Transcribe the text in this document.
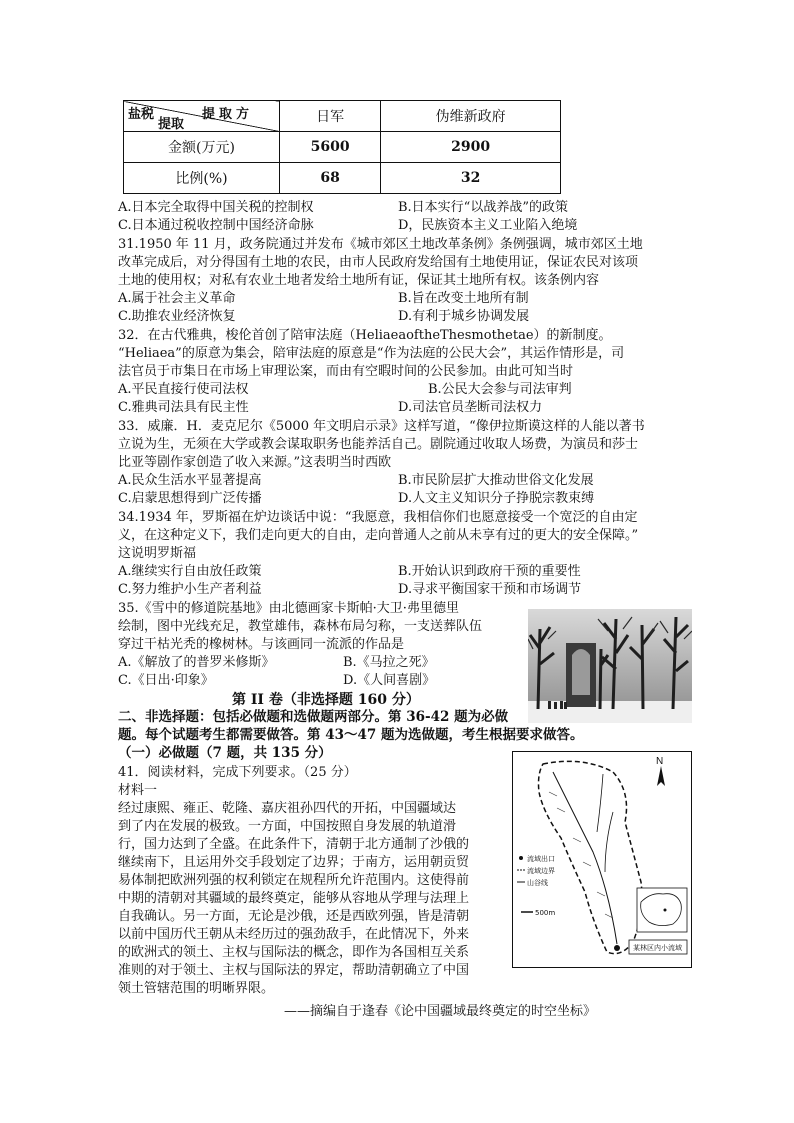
盐税
提取
提取方	日军	伪维新政府
金额(万元)	5600	2900
比例(%)	68	32
A.日本完全取得中国关税的控制权	B.日本实行“以战养战”的政策
C.日本通过税收控制中国经济命脉	D，民族资本主义工业陷入绝境
31.1950 年 11 月，政务院通过并发布《城市郊区土地改革条例》条例强调，城市郊区土地
改革完成后，对分得国有土地的农民，由市人民政府发给国有土地使用证，保证农民对该项
土地的使用权；对私有农业土地者发给土地所有证，保证其土地所有权。该条例内容
A.属于社会主义革命	B.旨在改变土地所有制
C.助推农业经济恢复	D.有利于城乡协调发展
32．在古代雅典，梭伦首创了陪审法庭（HeliaeaoftheThesmothetae）的新制度。
“Heliaea”的原意为集会，陪审法庭的原意是“作为法庭的公民大会”，其运作情形是，司
法官员于市集日在市场上审理讼案，而由有空暇时间的公民参加。由此可知当时
A.平民直接行使司法权	B.公民大会参与司法审判
C.雅典司法具有民主性	D.司法官员垄断司法权力
33．威廉．H．麦克尼尔《5000 年文明启示录》这样写道，“像伊拉斯谟这样的人能以著书
立说为生，无须在大学或教会谋取职务也能养活自己。剧院通过收取人场费，为演员和莎士
比亚等剧作家创造了收入来源。”这表明当时西欧
A.民众生活水平显著提高	B.市民阶层扩大推动世俗文化发展
C.启蒙思想得到广泛传播	D.人文主义知识分子挣脱宗教束缚
34.1934 年，罗斯福在炉边谈话中说：“我愿意，我相信你们也愿意接受一个宽泛的自由定
义，在这种定义下，我们走向更大的自由，走向普通人之前从未享有过的更大的安全保障。”
这说明罗斯福
A.继续实行自由放任政策	B.开始认识到政府干预的重要性
C.努力维护小生产者利益	D.寻求平衡国家干预和市场调节
35.《雪中的修道院基地》由北德画家卡斯帕·大卫·弗里德里
绘制，图中光线充足，教堂雄伟，森林布局匀称，一支送葬队伍
穿过干枯光秃的橡树林。与该画同一流派的作品是
A.《解放了的普罗米修斯》	B.《马拉之死》
C.《日出·印象》	D.《人间喜剧》
第 II 卷（非选择题 160 分）
二、非选择题：包括必做题和选做题两部分。第 36-42 题为必做
题。每个试题考生都需要做答。第 43～47 题为选做题，考生根据要求做答。
（一）必做题（7 题，共 135 分）
41．阅读材料，完成下列要求。（25 分）
材料一
经过康熙、雍正、乾隆、嘉庆祖孙四代的开拓，中国疆域达
到了内在发展的极致。一方面，中国按照自身发展的轨道滑
行，国力达到了全盛。在此条件下，清朝于北方通制了沙俄的
继续南下，且运用外交手段划定了边界；于南方，运用朝贡贸
易体制把欧洲列强的权利锁定在规程所允许范围内。这使得前
中期的清朝对其疆域的最终奠定，能够从容地从学理与法理上
自我确认。另一方面，无论是沙俄，还是西欧列强，皆是清朝
以前中国历代王朝从未经历过的强劲敌手，在此情况下，外来
的欧洲式的领土、主权与国际法的概念，即作为各国相互关系
准则的对于领土、主权与国际法的界定，帮助清朝确立了中国
领土管辖范围的明晰界限。
——摘编自于逢春《论中国疆域最终奠定的时空坐标》
N
流域出口
流域边界
山谷线
500m
某林区内小流域
